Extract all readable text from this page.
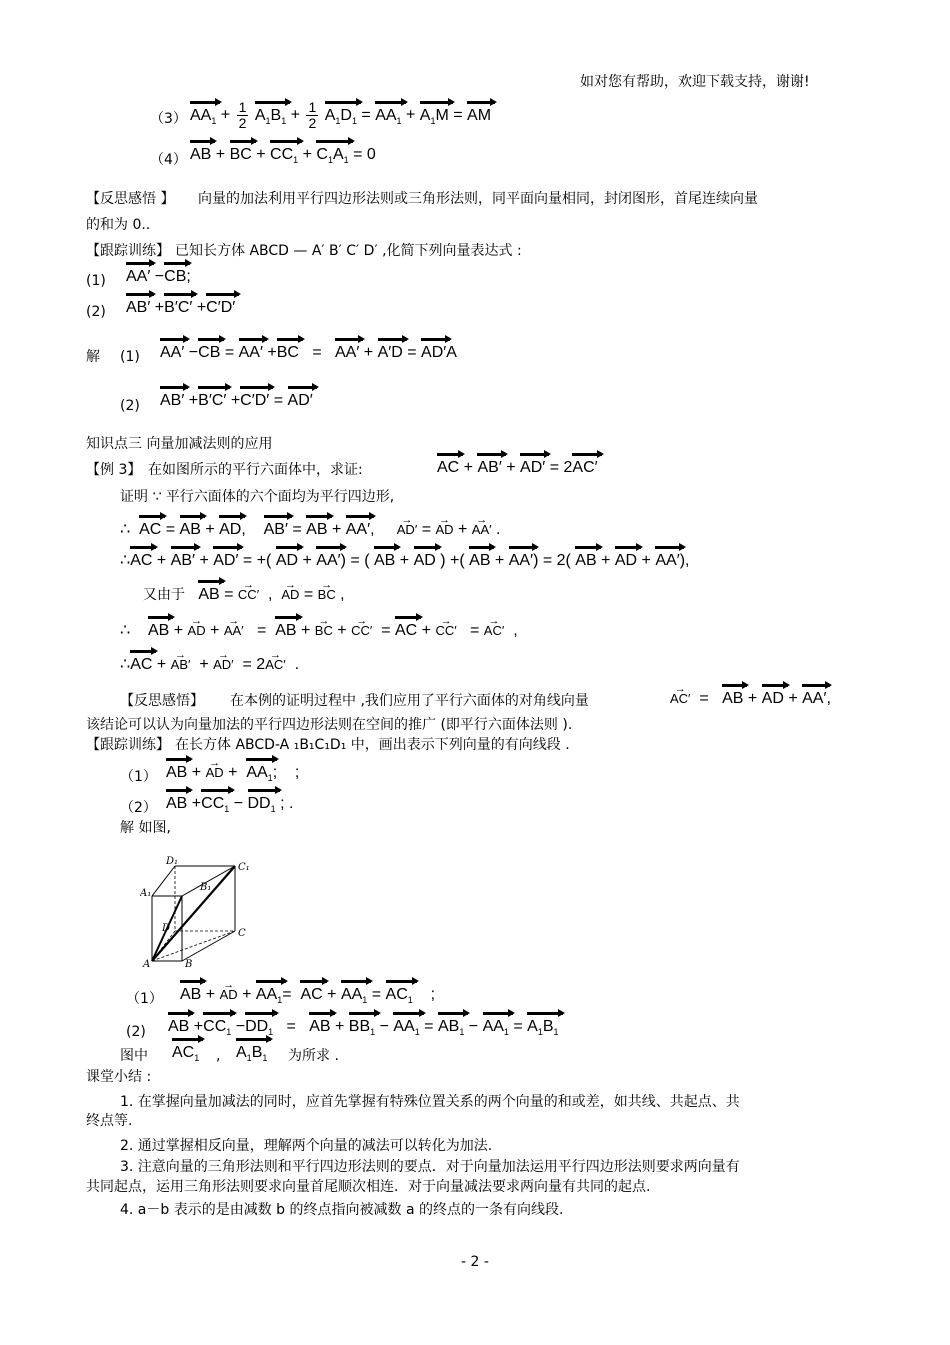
如对您有帮助，欢迎下载支持，谢谢!
（3） $AA_1 + \frac{1}{2} A_1B_1 + \frac{1}{2} A_1D_1 = AA_1 + A_1M$ = AM
（4） AB + BC + $CC_1 + C_1A_1 = 0$
【反思感悟 】 向量的加法利用平行四边形法则或三角形法则，同平面向量相同，封闭图形，首尾连续向量
的和为 0..
【跟踪训练】 已知长方体 ABCD — A′ B′ C′ D′ ,化简下列向量表达式 :
(1) AA′ −CB;
(2) AB′ +B′C′ +C′D′
解 (1) AA′ −CB = AA′ +BC   =   AA′ + A′D = AD′A
(2) AB′ +B′C′ +C′D′ = AD′
知识点三 向量加减法则的应用
【例 3】 在如图所示的平行六面体中，求证:	AC + AB′ + AD′ = 2AC′
证明 ∵ 平行六面体的六个面均为平行四边形,
∴  AC = AB + AD,    AB′ = AB + AA′,     → AD′ = → AD + → AA′ .
∴AC + AB′ + AD′ = +( AD + AA′) = ( AB + AD ) +( AB + AA′) = 2( AB + AD + AA′),
又由于 AB = → CC′  ,  → AD = → BC ,
∴    AB + → AD + → AA′   =  AB + → BC + → CC′  = AC + → CC′   = → AC′  ,
∴AC + → AB′  + → AD′  = 2→ AC′  .
【反思感悟】 在本例的证明过程中 ,我们应用了平行六面体的对角线向量
→	AC′  =   AB + AD + AA′,
该结论可以认为向量加法的平行四边形法则在空间的推广 (即平行六面体法则 ).
【跟踪训练】 在长方体 ABCD-A ₁B₁C₁D₁ 中，画出表示下列向量的有向线段 .
（1） AB + → AD +  $AA_1$;    ;
（2） AB $+CC_1 - DD_1$ ; .
解 如图,
D₁
C₁
A₁
B₁
D	C
A	B
（1） AB + → AD + $AA_1=$  AC + $AA_1 = AC_1$    ;
(2) AB $+CC_1 -DD_1$   =   AB + $BB_1 - AA_1 = AB_1 - AA_1 = A_1B_1$
图中 $AC_1$ , $A_1B_1$ 为所求 .
课堂小结 :
1. 在掌握向量加减法的同时，应首先掌握有特殊位置关系的两个向量的和或差，如共线、共起点、共
终点等.
2. 通过掌握相反向量，理解两个向量的减法可以转化为加法.
3. 注意向量的三角形法则和平行四边形法则的要点．对于向量加法运用平行四边形法则要求两向量有
共同起点，运用三角形法则要求向量首尾顺次相连．对于向量减法要求两向量有共同的起点.
4. a－b 表示的是由减数 b 的终点指向被减数 a 的终点的一条有向线段.
- 2 -
